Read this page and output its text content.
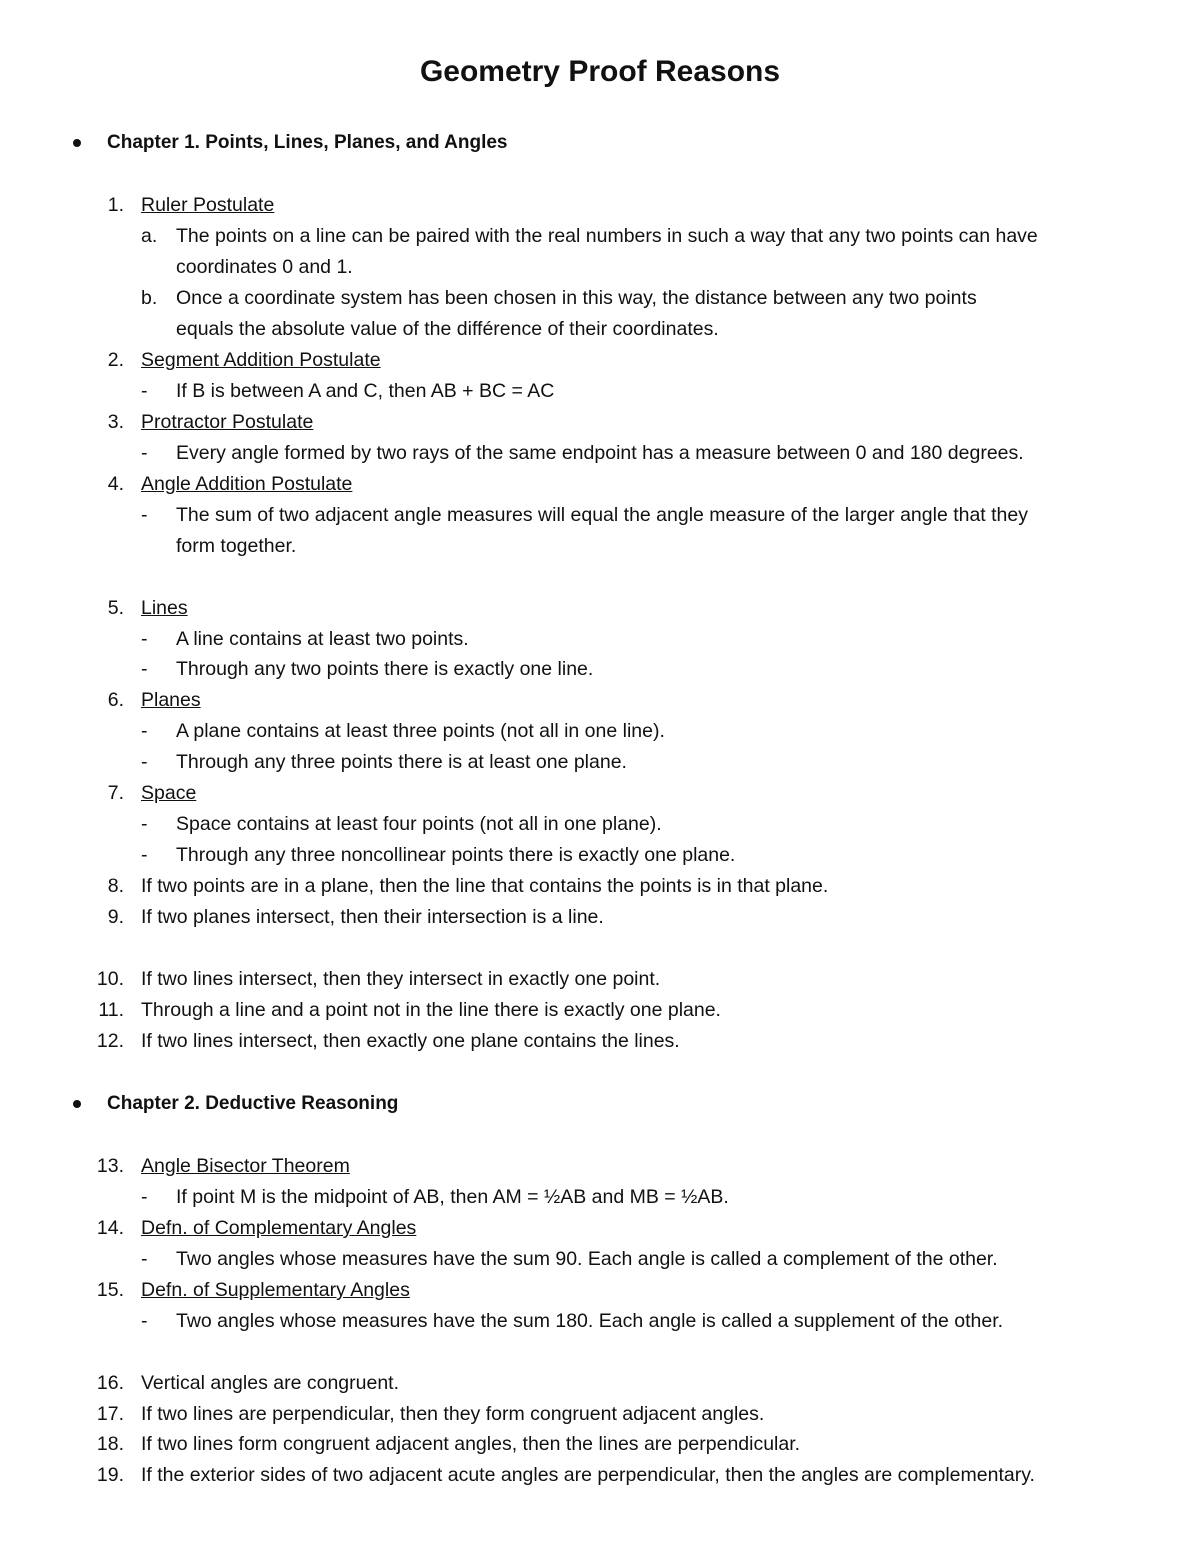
Geometry Proof Reasons
Chapter 1. Points, Lines, Planes, and Angles
1. Ruler Postulate
a. The points on a line can be paired with the real numbers in such a way that any two points can have
coordinates 0 and 1.
b. Once a coordinate system has been chosen in this way, the distance between any two points
equals the absolute value of the différence of their coordinates.
2. Segment Addition Postulate
-	If B is between A and C, then AB + BC = AC
3. Protractor Postulate
-	Every angle formed by two rays of the same endpoint has a measure between 0 and 180 degrees.
4. Angle Addition Postulate
-	The sum of two adjacent angle measures will equal the angle measure of the larger angle that they
form together.
5. Lines
-	A line contains at least two points.
-	Through any two points there is exactly one line.
6. Planes
-	A plane contains at least three points (not all in one line).
-	Through any three points there is at least one plane.
7. Space
-	Space contains at least four points (not all in one plane).
-	Through any three noncollinear points there is exactly one plane.
8. If two points are in a plane, then the line that contains the points is in that plane.
9. If two planes intersect, then their intersection is a line.
10. If two lines intersect, then they intersect in exactly one point.
11. Through a line and a point not in the line there is exactly one plane.
12. If two lines intersect, then exactly one plane contains the lines.
Chapter 2. Deductive Reasoning
13. Angle Bisector Theorem
-	If point M is the midpoint of AB, then AM = ½AB and MB = ½AB.
14. Defn. of Complementary Angles
-	Two angles whose measures have the sum 90. Each angle is called a complement of the other.
15. Defn. of Supplementary Angles
-	Two angles whose measures have the sum 180. Each angle is called a supplement of the other.
16. Vertical angles are congruent.
17. If two lines are perpendicular, then they form congruent adjacent angles.
18. If two lines form congruent adjacent angles, then the lines are perpendicular.
19. If the exterior sides of two adjacent acute angles are perpendicular, then the angles are complementary.
